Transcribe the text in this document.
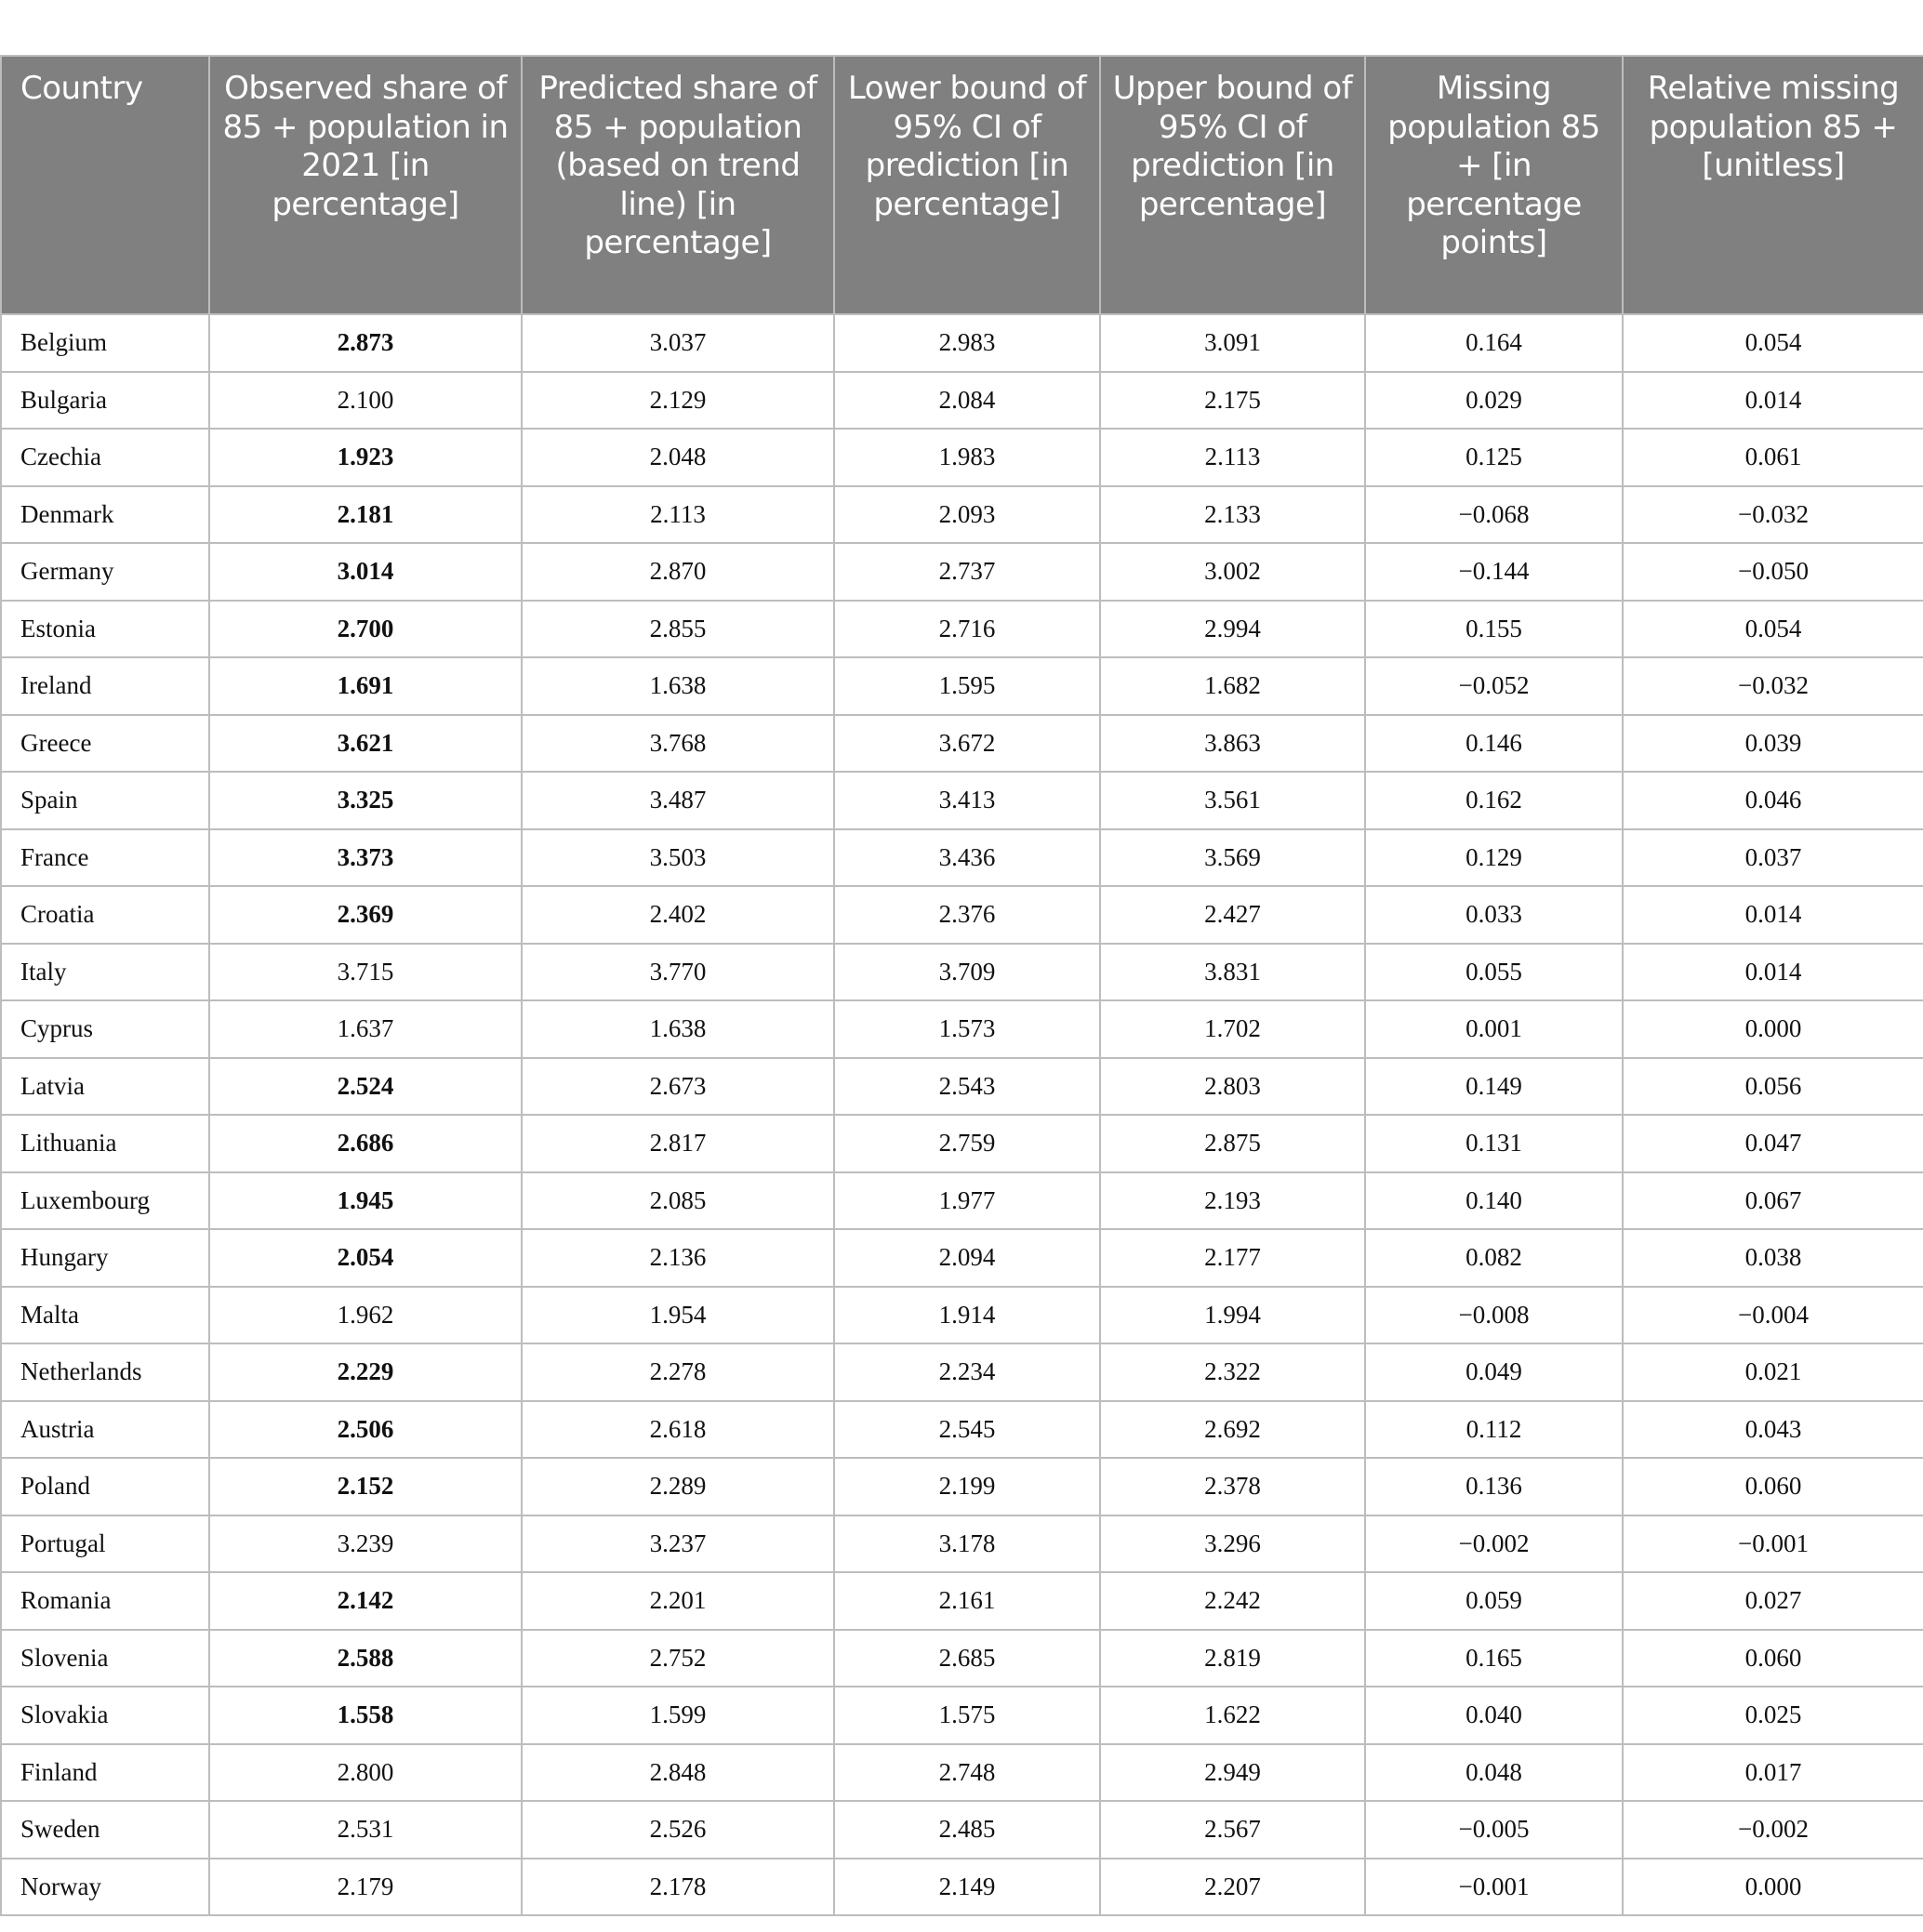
Country	Observed share of 85 + population in 2021 [in percentage]	Predicted share of 85 + population (based on trend line) [in percentage]	Lower bound of 95% CI of prediction [in percentage]	Upper bound of 95% CI of prediction [in percentage]	Missing population 85 + [in percentage points]	Relative missing population 85 + [unitless]
Belgium	2.873	3.037	2.983	3.091	0.164	0.054
Bulgaria	2.100	2.129	2.084	2.175	0.029	0.014
Czechia	1.923	2.048	1.983	2.113	0.125	0.061
Denmark	2.181	2.113	2.093	2.133	−0.068	−0.032
Germany	3.014	2.870	2.737	3.002	−0.144	−0.050
Estonia	2.700	2.855	2.716	2.994	0.155	0.054
Ireland	1.691	1.638	1.595	1.682	−0.052	−0.032
Greece	3.621	3.768	3.672	3.863	0.146	0.039
Spain	3.325	3.487	3.413	3.561	0.162	0.046
France	3.373	3.503	3.436	3.569	0.129	0.037
Croatia	2.369	2.402	2.376	2.427	0.033	0.014
Italy	3.715	3.770	3.709	3.831	0.055	0.014
Cyprus	1.637	1.638	1.573	1.702	0.001	0.000
Latvia	2.524	2.673	2.543	2.803	0.149	0.056
Lithuania	2.686	2.817	2.759	2.875	0.131	0.047
Luxembourg	1.945	2.085	1.977	2.193	0.140	0.067
Hungary	2.054	2.136	2.094	2.177	0.082	0.038
Malta	1.962	1.954	1.914	1.994	−0.008	−0.004
Netherlands	2.229	2.278	2.234	2.322	0.049	0.021
Austria	2.506	2.618	2.545	2.692	0.112	0.043
Poland	2.152	2.289	2.199	2.378	0.136	0.060
Portugal	3.239	3.237	3.178	3.296	−0.002	−0.001
Romania	2.142	2.201	2.161	2.242	0.059	0.027
Slovenia	2.588	2.752	2.685	2.819	0.165	0.060
Slovakia	1.558	1.599	1.575	1.622	0.040	0.025
Finland	2.800	2.848	2.748	2.949	0.048	0.017
Sweden	2.531	2.526	2.485	2.567	−0.005	−0.002
Norway	2.179	2.178	2.149	2.207	−0.001	0.000
